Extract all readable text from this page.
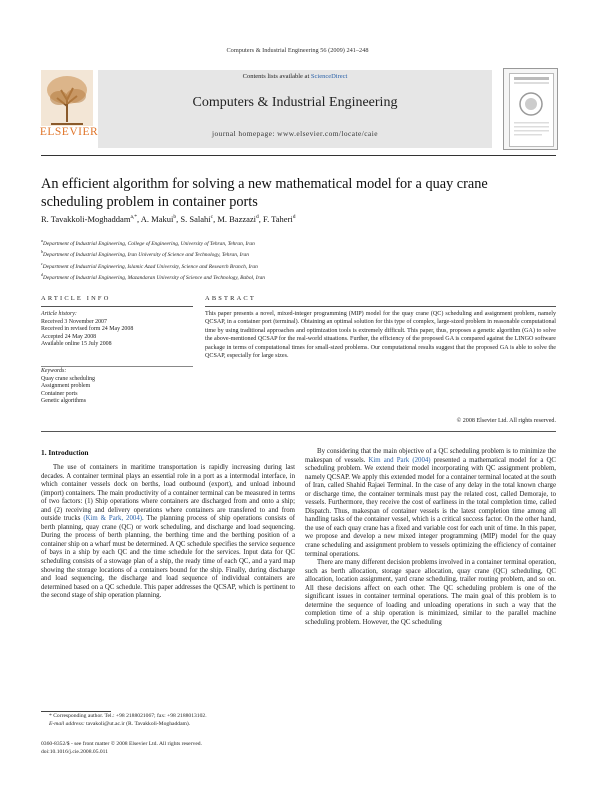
Computers & Industrial Engineering 56 (2009) 241–248
Contents lists available at ScienceDirect
Computers & Industrial Engineering
journal homepage: www.elsevier.com/locate/caie
ELSEVIER
An efficient algorithm for solving a new mathematical model for a quay crane
scheduling problem in container ports
R. Tavakkoli-Moghaddam$^{a,*}$, A. Makui$^b$, S. Salahi$^c$, M. Bazzazi$^d$, F. Taheri$^d$
$^a$Department of Industrial Engineering, College of Engineering, University of Tehran, Tehran, Iran
$^b$Department of Industrial Engineering, Iran University of Science and Technology, Tehran, Iran
$^c$Department of Industrial Engineering, Islamic Azad University, Science and Research Branch, Iran
$^d$Department of Industrial Engineering, Mazandaran University of Science and Technology, Babol, Iran
ARTICLE INFO	ABSTRACT
Article history:
Received 3 November 2007
Received in revised form 24 May 2008
Accepted 24 May 2008
Available online 15 July 2008
Keywords:
Quay crane scheduling
Assignment problem
Container ports
Genetic algorithms
This paper presents a novel, mixed-integer programming (MIP) model for the quay crane (QC) scheduling and assignment problem, namely QCSAP, in a container port (terminal). Obtaining an optimal solution for this type of complex, large-sized problem in reasonable computational time by using traditional approaches and optimization tools is extremely difficult. This paper, thus, proposes a genetic algorithm (GA) to solve the above-mentioned QCSAP for the real-world situations. Further, the efficiency of the proposed GA is compared against the LINGO software package in terms of computational times for small-sized problems. Our computational results suggest that the proposed GA is able to solve the QCSAP, especially for large sizes.
© 2008 Elsevier Ltd. All rights reserved.
1. Introduction

The use of containers in maritime transportation is rapidly increasing during last decades. A container terminal plays an essential role in a port as a intermodal interface, in which container vessels dock on berths, load outbound (export), and unload inbound (import) containers. The main productivity of a container terminal can be measured in terms of two factors: (1) Ship operations where containers are discharged from and onto a ship; and (2) receiving and delivery operations where containers are transfered to and from outside trucks (Kim & Park, 2004). The planning process of ship operations consists of berth planning, quay crane (QC) or work scheduling, and discharge and load sequencing. During the process of berth planning, the berthing time and the berthing position of a container ship on a wharf must be determined. A QC schedule specifies the service sequence of bays in a ship by each QC and the time schedule for the services. Input data for QC scheduling consists of a stowage plan of a ship, the ready time of each QC, and a yard map showing the storage locations of a containers bound for the ship. Finally, during discharge and load sequencing, the discharge and load sequence of individual containers are determined based on a QC schedule. This paper addresses the QCSAP, which is pertinent to the second stage of ship operation planning.

By considering that the main objective of a QC scheduling problem is to minimize the makespan of vessels. Kim and Park (2004) presented a mathematical model for a QC scheduling problem. We extend their model incorporating with QC assignment problem, namely QCSAP. We apply this extended model for a container terminal located at the south of Iran, called Shahid Rajaei Terminal. In the case of any delay in the total known charge or discharge time, the container terminals must pay the related cost, called Demoraje, to vessels. Furthermore, they receive the cost of earliness in the total completion time, called Dispatch. Thus, makespan of container vessels is the latest completion time among all handling tasks of the container vessel, which is a critical success factor. On the other hand, the use of each quay crane has a fixed and variable cost for each unit of time. In this paper, we propose and develop a new mixed integer programming (MIP) model for the quay crane scheduling and assignment problem to vessels optimizing the efficiency of container terminal operations.

There are many different decision problems involved in a container terminal operation, such as berth allocation, storage space allocation, quay crane (QC) scheduling, QC allocation, location assignment, yard crane scheduling, trailer routing problem, and so on. All these decisions affect on each other. The QC scheduling problem is one of the significant issues in container terminal operations. The main goal of this problem is to determine the sequence of loading and unloading operations in such a way that the completion time of a ship operation is minimized, similar to the parallel machine scheduling problem. However, the QC scheduling

* Corresponding author. Tel.: +98 2188021067; fax: +98 2188013102.
E-mail address: tavakoli@ut.ac.ir (R. Tavakkoli-Moghaddam).
0360-8352/$ - see front matter © 2008 Elsevier Ltd. All rights reserved.
doi:10.1016/j.cie.2008.05.011
